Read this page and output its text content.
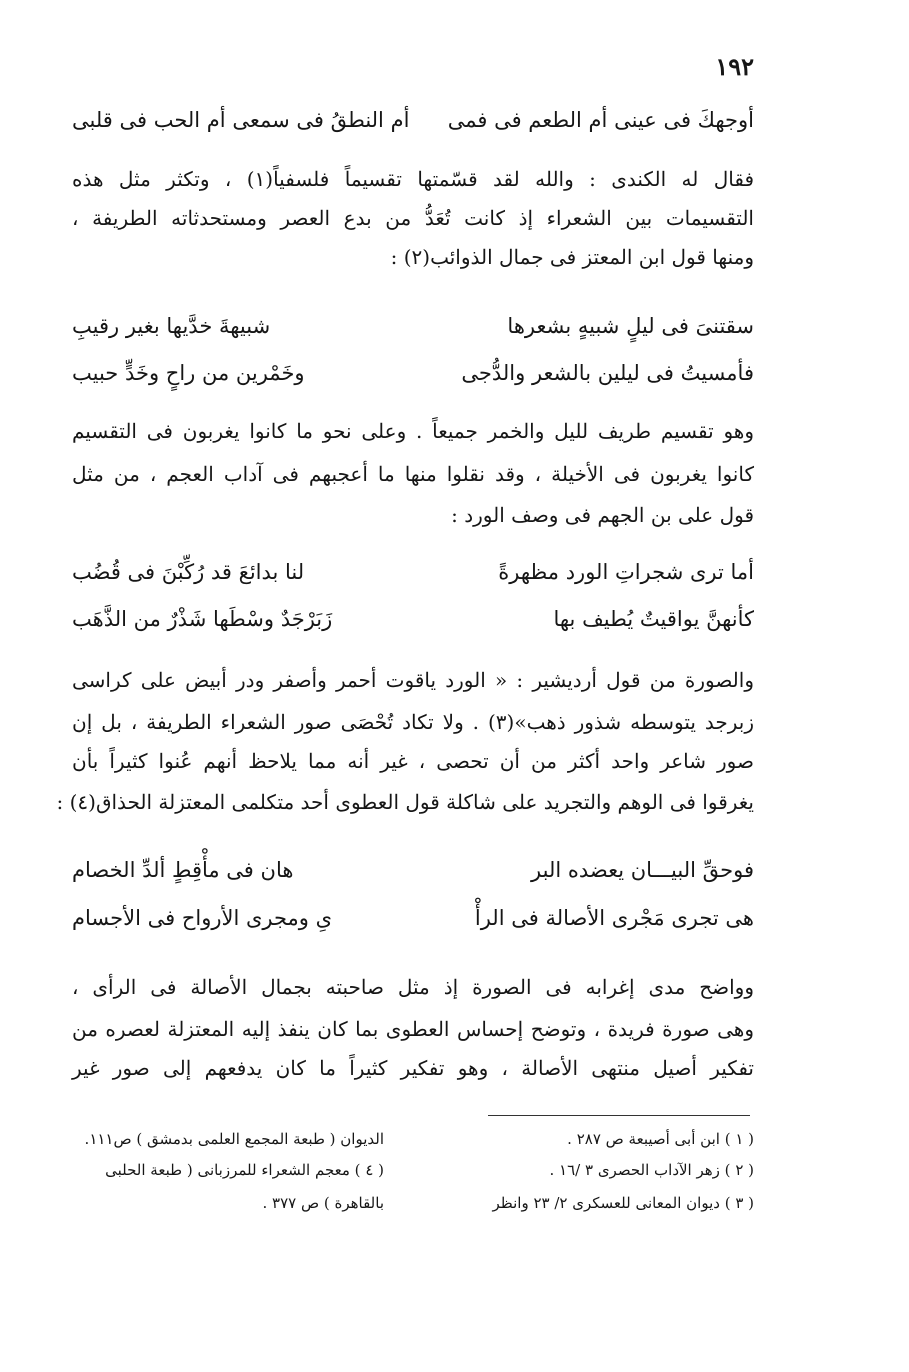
١٩٢
أوجهكَ فى عينى أم الطعم فى فمى
أم النطقُ فى سمعى أم الحب فى قلبى
فقال له الكندى : والله لقد قسّمتها تقسيماً فلسفياً(١) ، وتكثر مثل هذه
التقسيمات بين الشعراء إذ كانت تُعَدُّ من بدع العصر ومستحدثاته الطريفة ،
ومنها قول ابن المعتز فى جمال الذوائب(٢) :
سقتنىَ فى ليلٍ شبيهٍ بشعرها
شبيهةَ خدَّيها بغير رقيبِ
فأمسيتُ فى ليلين بالشعر والدُّجى
وخَمْرين من راحٍ وخَدٍّ حبيب
وهو تقسيم طريف لليل والخمر جميعاً . وعلى نحو ما كانوا يغربون فى التقسيم
كانوا يغربون فى الأخيلة ، وقد نقلوا منها ما أعجبهم فى آداب العجم ، من مثل
قول على بن الجهم فى وصف الورد :
أما ترى شجراتِ الورد مظهرةً
لنا بدائعَ قد رُكِّبْنَ فى قُضُب
كأنهنَّ يواقيتٌ يُطيف بها
زَبَرْجَدٌ وسْطَها شَذْرٌ من الذَّهَب
والصورة من قول أرديشير : « الورد ياقوت أحمر وأصفر ودر أبيض على كراسى
زبرجد يتوسطه شذور ذهب»(٣) . ولا تكاد تُحْصَى صور الشعراء الطريفة ، بل إن
صور شاعر واحد أكثر من أن تحصى ، غير أنه مما يلاحظ أنهم عُنوا كثيراً بأن
يغرقوا فى الوهم والتجريد على شاكلة قول العطوى أحد متكلمى المعتزلة الحذاق(٤) :
فوحقِّ البيـــان يعضده البر
هان فى مأْقِطٍ ألدِّ الخصام
هى تجرى مَجْرى الأصالة فى الرأْ
ىِ ومجرى الأرواح فى الأجسام
وواضح مدى إغرابه فى الصورة إذ مثل صاحبته بجمال الأصالة فى الرأى ،
وهى صورة فريدة ، وتوضح إحساس العطوى بما كان ينفذ إليه المعتزلة لعصره من
تفكير أصيل منتهى الأصالة ، وهو تفكير كثيراً ما كان يدفعهم إلى صور غير
( ١ ) ابن أبى أصيبعة ص ٢٨٧ .
( ٢ ) زهر الآداب الحصرى ٣ /١٦ .
( ٣ ) ديوان المعانى للعسكرى ٢/ ٢٣ وانظر
الديوان ( طبعة المجمع العلمى بدمشق ) ص١١١.
( ٤ ) معجم الشعراء للمرزبانى ( طبعة الحلبى
بالقاهرة ) ص ٣٧٧ .
